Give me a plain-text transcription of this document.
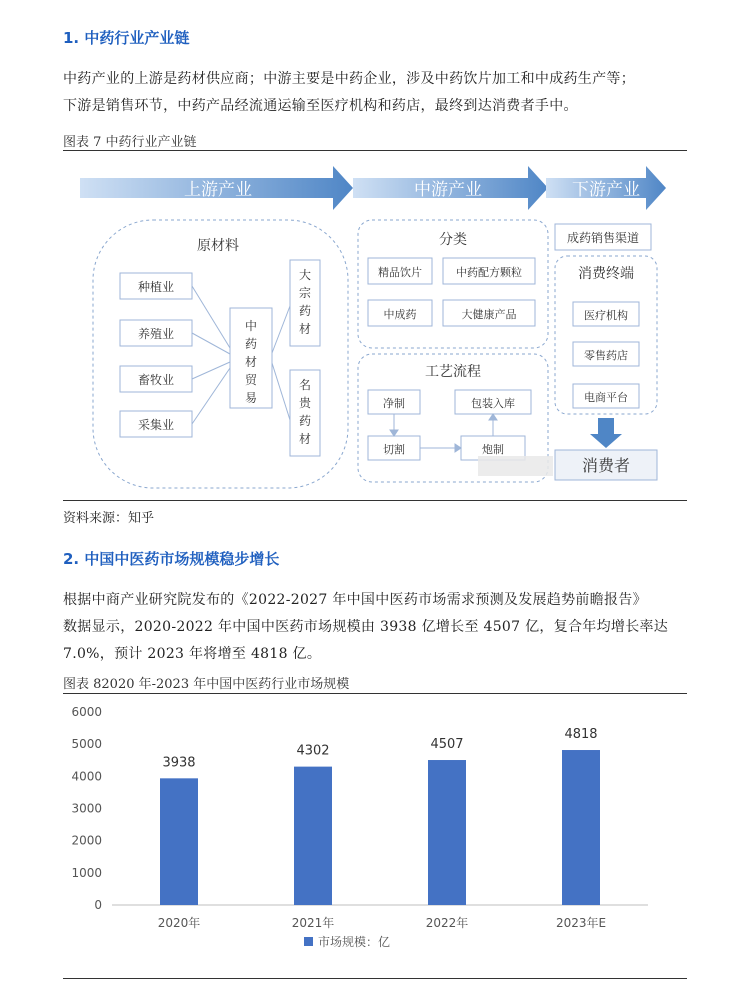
1. 中药行业产业链
中药产业的上游是药材供应商；中游主要是中药企业，涉及中药饮片加工和中成药生产等；
下游是销售环节，中药产品经流通运输至医疗机构和药店，最终到达消费者手中。
图表 7 中药行业产业链
上游产业	中游产业	下游产业
原材料
种植业
养殖业
畜牧业
采集业
中
药
材
贸
易
大
宗
药
材
名
贵
药
材
分类
精品饮片	中药配方颗粒
中成药	大健康产品
工艺流程
净制	包装入库
切割	炮制
成药销售渠道
消费终端
医疗机构
零售药店
电商平台
消费者
资料来源：知乎
2. 中国中医药市场规模稳步增长
根据中商产业研究院发布的《2022-2027 年中国中医药市场需求预测及发展趋势前瞻报告》
数据显示，2020-2022 年中国中医药市场规模由 3938 亿增长至 4507 亿，复合年均增长率达
7.0%，预计 2023 年将增至 4818 亿。
图表 82020 年-2023 年中国中医药行业市场规模
0
1000
2000
3000
4000
5000
6000
3938
2020年
4302
2021年
4507
2022年
4818
2023年E
市场规模：亿
